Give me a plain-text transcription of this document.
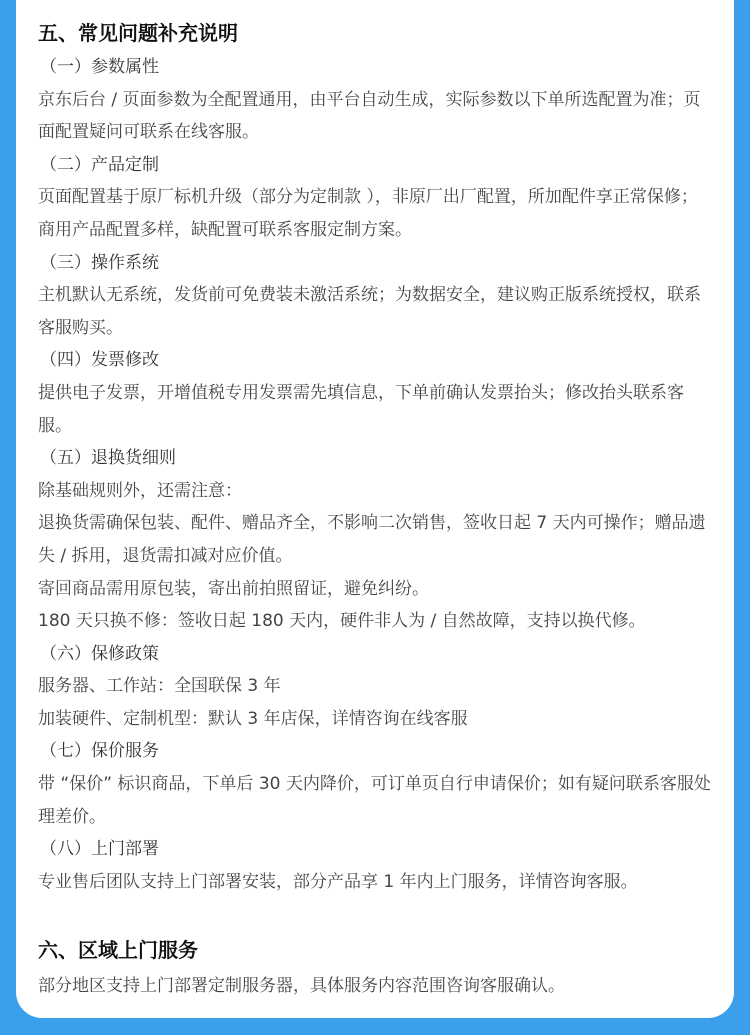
五、常见问题补充说明

（一）参数属性

京东后台 / 页面参数为全配置通用，由平台自动生成，实际参数以下单所选配置为准；页面配置疑问可联系在线客服。

（二）产品定制

页面配置基于原厂标机升级（部分为定制款 ），非原厂出厂配置，所加配件享正常保修；商用产品配置多样，缺配置可联系客服定制方案。

（三）操作系统

主机默认无系统，发货前可免费装未激活系统；为数据安全，建议购正版系统授权，联系客服购买。

（四）发票修改

提供电子发票，开增值税专用发票需先填信息，下单前确认发票抬头；修改抬头联系客服。

（五）退换货细则

除基础规则外，还需注意：

退换货需确保包装、配件、赠品齐全，不影响二次销售，签收日起 7 天内可操作；赠品遗失 / 拆用，退货需扣减对应价值。

寄回商品需用原包装，寄出前拍照留证，避免纠纷。

180 天只换不修：签收日起 180 天内，硬件非人为 / 自然故障，支持以换代修。

（六）保修政策

服务器、工作站：全国联保 3 年

加装硬件、定制机型：默认 3 年店保，详情咨询在线客服

（七）保价服务

带 “保价” 标识商品，下单后 30 天内降价，可订单页自行申请保价；如有疑问联系客服处理差价。

（八）上门部署

专业售后团队支持上门部署安装，部分产品享 1 年内上门服务，详情咨询客服。

六、区域上门服务

部分地区支持上门部署定制服务器，具体服务内容范围咨询客服确认。
